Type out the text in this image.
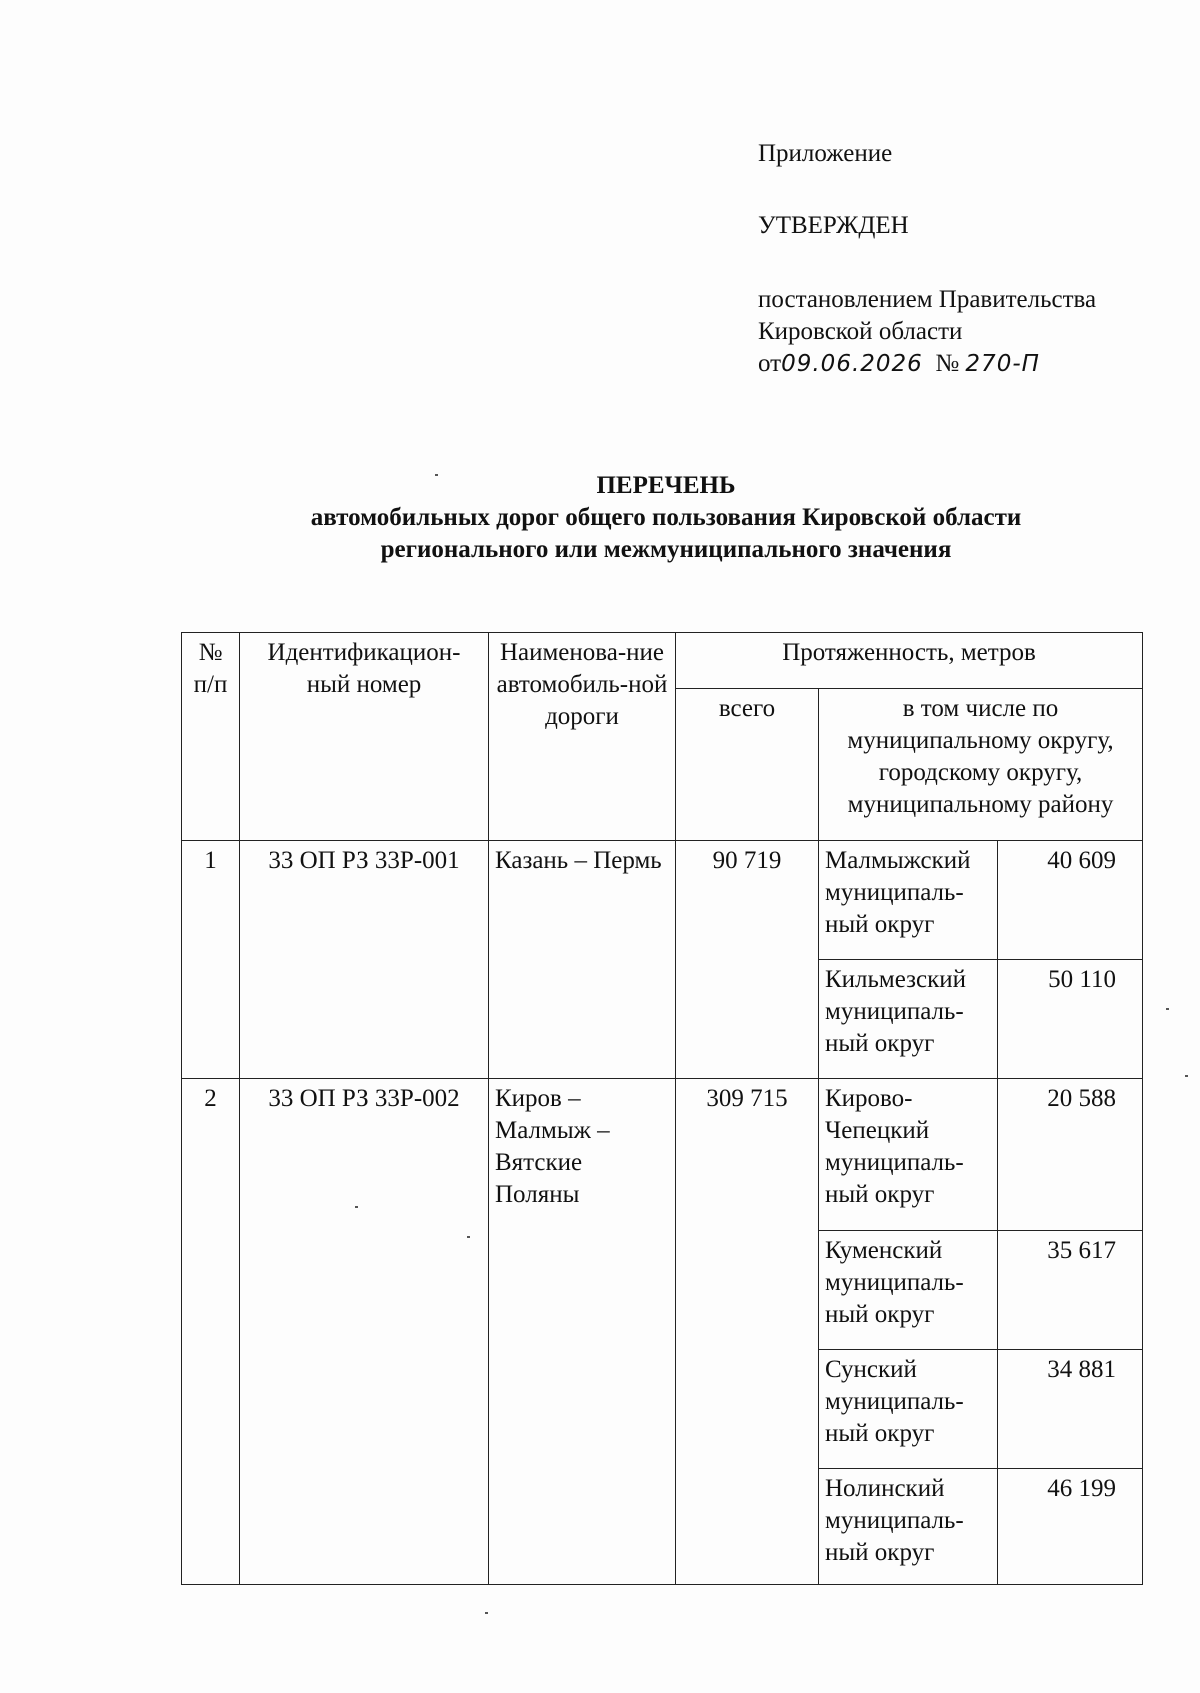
Приложение
УТВЕРЖДЕН
постановлением Правительства
Кировской области
от09.06.2026 № 270-П
ПЕРЕЧЕНЬ
автомобильных дорог общего пользования Кировской области
регионального или межмуниципального значения
№ п/п	Идентификацион-ный номер	Наименова-ние автомобиль-ной дороги	Протяженность, метров		
			всего	в том числе по муниципальному округу, городскому округу, муниципальному району	
1	33 ОП РЗ 33Р-001	Казань – Пермь	90 719	Малмыжский муниципаль-ный округ	40 609
				Кильмезский муниципаль-ный округ	50 110
2	33 ОП РЗ 33Р-002	Киров – Малмыж – Вятские Поляны	309 715	Кирово-Чепецкий муниципаль-ный округ	20 588
				Куменский муниципаль-ный округ	35 617
				Сунский муниципаль-ный округ	34 881
				Нолинский муниципаль-ный округ	46 199
